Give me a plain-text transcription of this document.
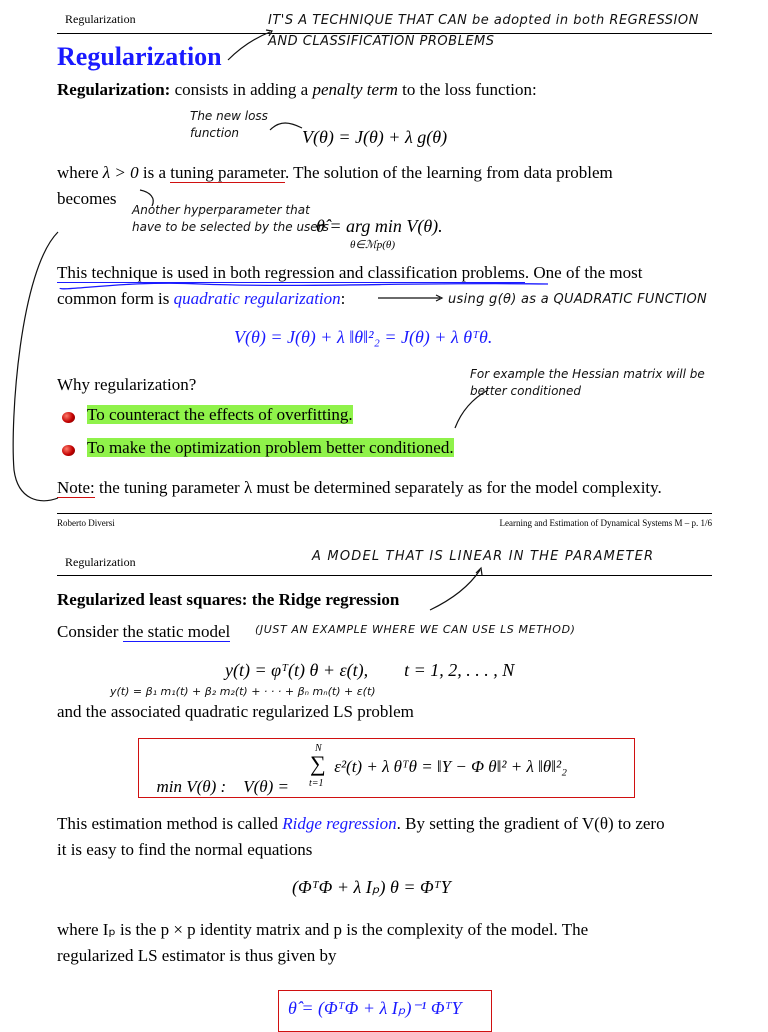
Regularization	IT'S A TECHNIQUE THAT CAN be adopted in both REGRESSION AND CLASSIFICATION PROBLEMS
Regularization
Regularization: consists in adding a penalty term to the loss function:
The new loss function	V(θ) = J(θ) + λ g(θ)
where λ > 0 is a tuning parameter. The solution of the learning from data problem
becomes
Another hyperparameter that have to be selected by the users
θ̂ = arg min V(θ).
θ∈ℳp(θ)
This technique is used in both regression and classification problems. One of the most
common form is quadratic regularization:	using g(θ) as a QUADRATIC FUNCTION
V(θ) = J(θ) + λ ‖θ‖²₂ = J(θ) + λ θᵀθ.
Why regularization?
For example the Hessian matrix will be better conditioned
To counteract the effects of overfitting.
To make the optimization problem better conditioned.
Note: the tuning parameter λ must be determined separately as for the model complexity.
Roberto Diversi	Learning and Estimation of Dynamical Systems M – p. 1/6
Regularization	A MODEL THAT IS LINEAR IN THE PARAMETER
Regularized least squares: the Ridge regression
Consider the static model (JUST AN EXAMPLE WHERE WE CAN USE LS METHOD)
y(t) = φᵀ(t) θ + ε(t),        t = 1, 2, . . . , N
y(t) = β₁ m₁(t) + β₂ m₂(t) + · · · + βₙ mₙ(t) + ε(t)
and the associated quadratic regularized LS problem

min V(θ) :    V(θ) =

N
∑
t=1
ε²(t) + λ θᵀθ = ‖Y − Φ θ‖² + λ ‖θ‖²₂
This estimation method is called Ridge regression. By setting the gradient of V(θ) to zero
it is easy to find the normal equations
(ΦᵀΦ + λ Iₚ) θ = ΦᵀY
where Iₚ is the p × p identity matrix and p is the complexity of the model. The
regularized LS estimator is thus given by
θ̂ = (ΦᵀΦ + λ Iₚ)⁻¹ ΦᵀY
